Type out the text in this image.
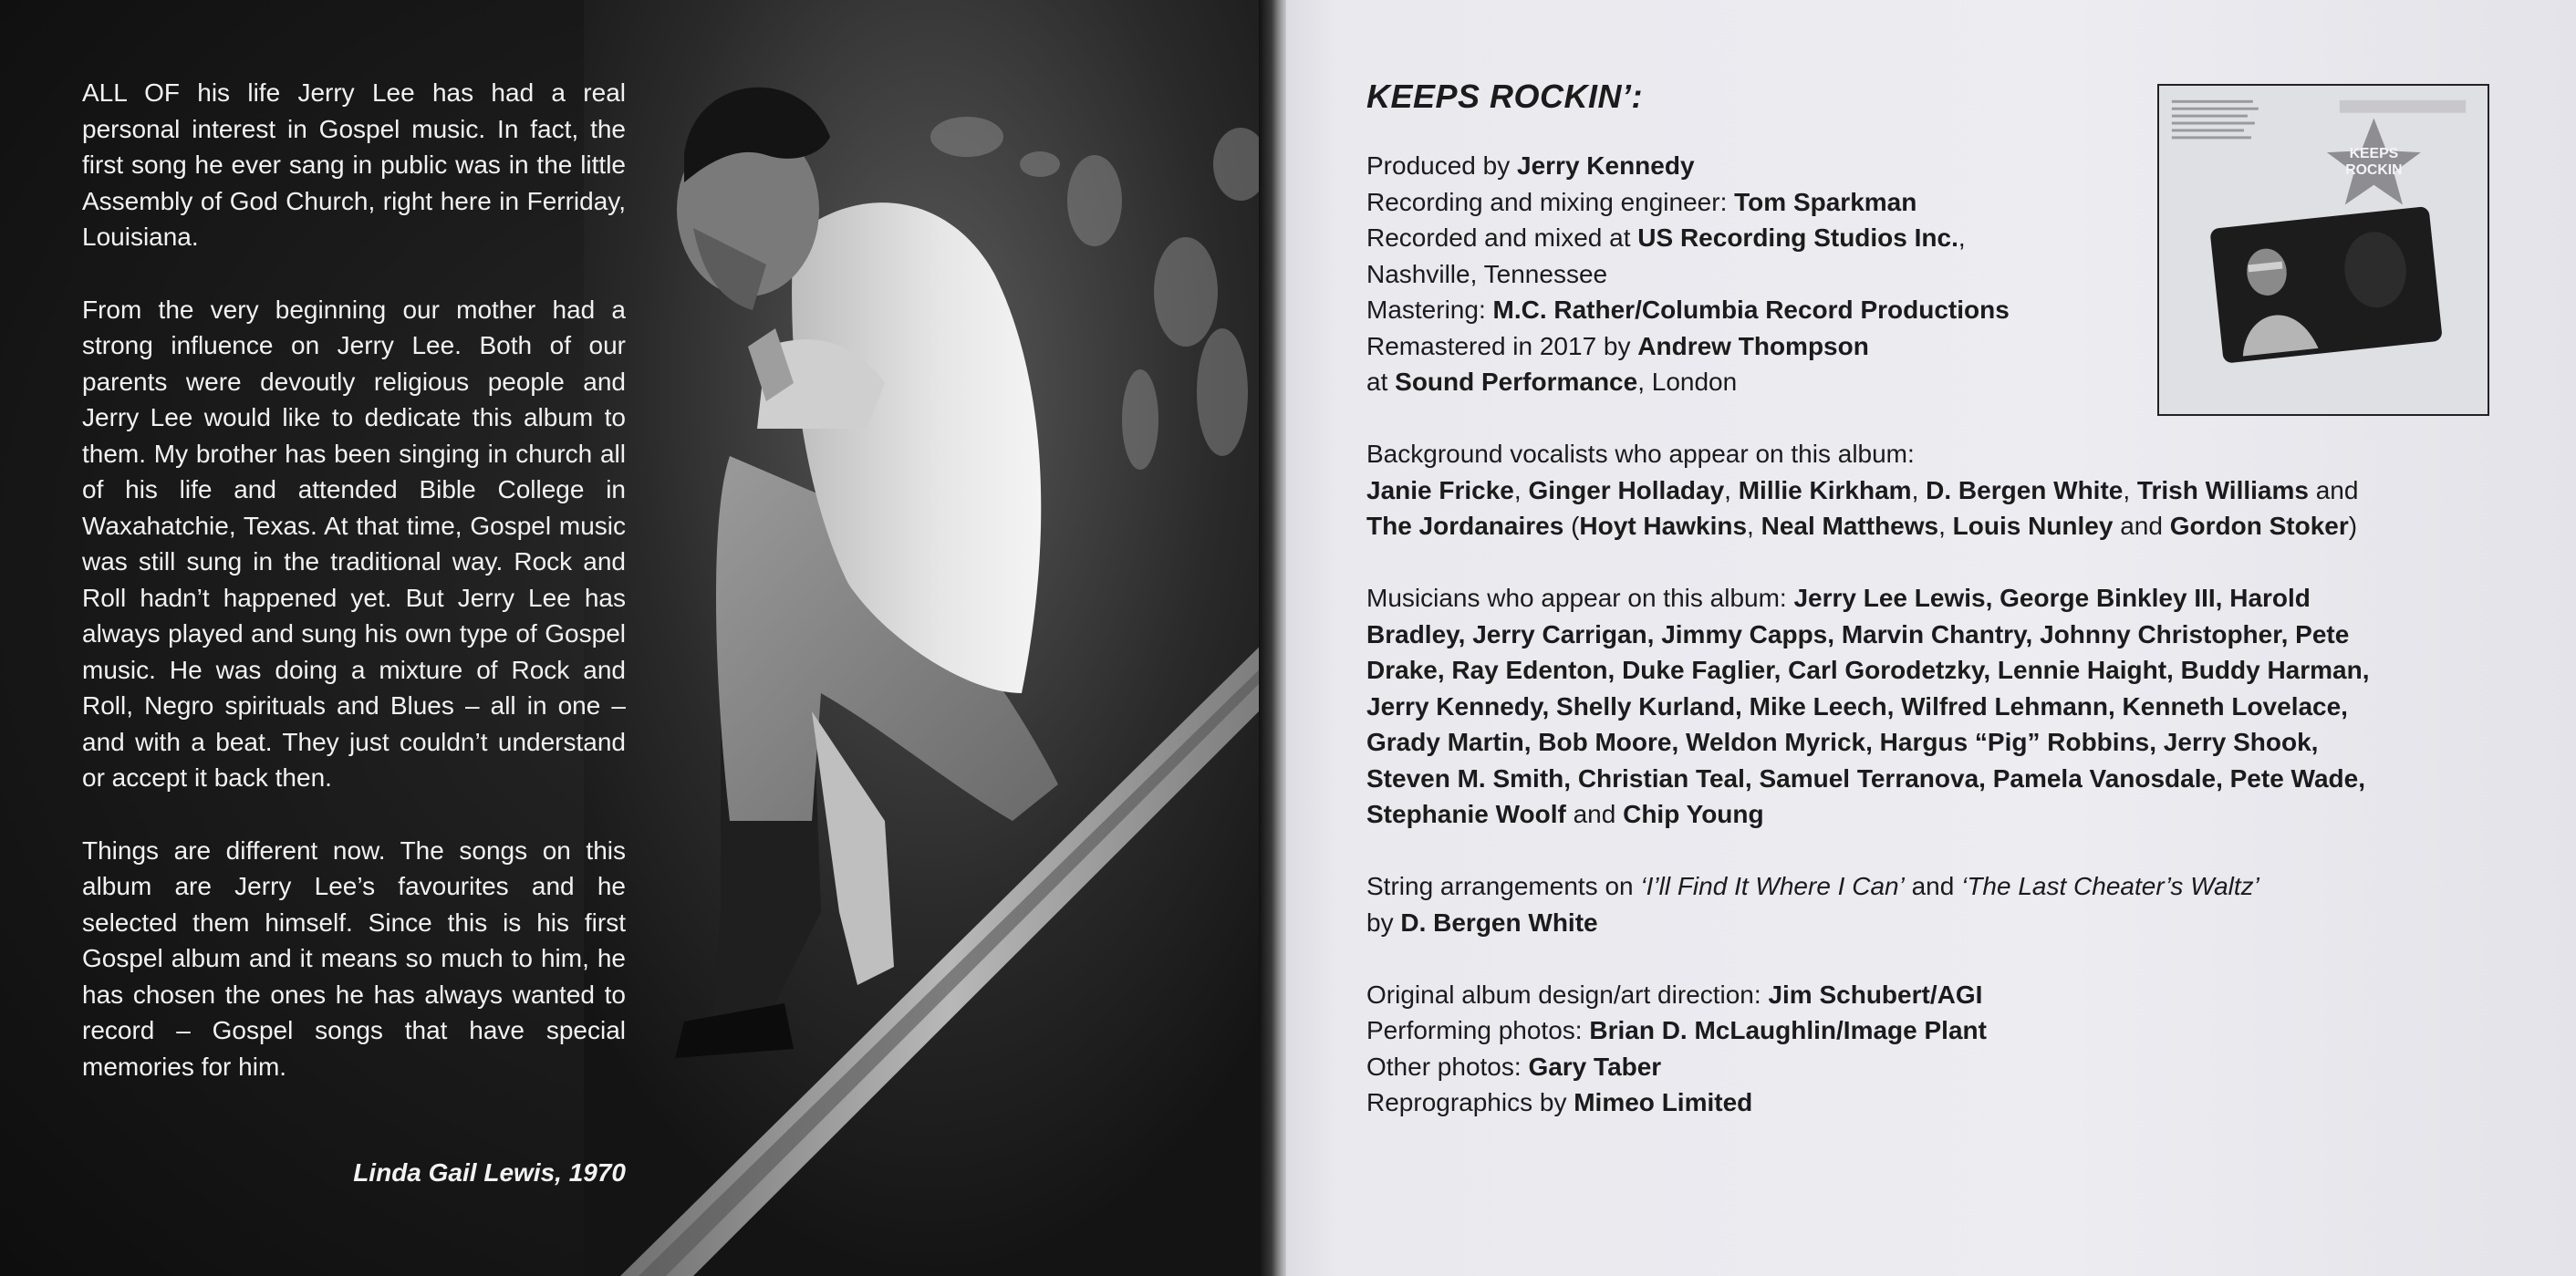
ALL OF his life Jerry Lee has had a real personal interest in Gospel music. In fact, the first song he ever sang in public was in the little Assembly of God Church, right here in Ferriday, Louisiana.

From the very beginning our mother had a strong influence on Jerry Lee. Both of our parents were devoutly religious people and Jerry Lee would like to dedicate this album to them. My brother has been singing in church all of his life and attended Bible College in Waxahatchie, Texas. At that time, Gospel music was still sung in the traditional way. Rock and Roll hadn’t happened yet. But Jerry Lee has always played and sung his own type of Gospel music. He was doing a mixture of Rock and Roll, Negro spirituals and Blues – all in one – and with a beat. They just couldn’t understand or accept it back then.

Things are different now. The songs on this album are Jerry Lee’s favourites and he selected them himself. Since this is his first Gospel album and it means so much to him, he has chosen the ones he has always wanted to record – Gospel songs that have special memories for him.

Linda Gail Lewis, 1970
KEEPS ROCKIN’:
Produced by Jerry Kennedy
Recording and mixing engineer: Tom Sparkman
Recorded and mixed at US Recording Studios Inc.,
Nashville, Tennessee
Mastering: M.C. Rather/Columbia Record Productions
Remastered in 2017 by Andrew Thompson
at Sound Performance, London
Background vocalists who appear on this album:
Janie Fricke, Ginger Holladay, Millie Kirkham, D. Bergen White, Trish Williams and
The Jordanaires (Hoyt Hawkins, Neal Matthews, Louis Nunley and Gordon Stoker)
Musicians who appear on this album: Jerry Lee Lewis, George Binkley III, Harold
Bradley, Jerry Carrigan, Jimmy Capps, Marvin Chantry, Johnny Christopher, Pete
Drake, Ray Edenton, Duke Faglier, Carl Gorodetzky, Lennie Haight, Buddy Harman,
Jerry Kennedy, Shelly Kurland, Mike Leech, Wilfred Lehmann, Kenneth Lovelace,
Grady Martin, Bob Moore, Weldon Myrick, Hargus “Pig” Robbins, Jerry Shook,
Steven M. Smith, Christian Teal, Samuel Terranova, Pamela Vanosdale, Pete Wade,
Stephanie Woolf and Chip Young
String arrangements on ‘I’ll Find It Where I Can’ and ‘The Last Cheater’s Waltz’
by D. Bergen White
Original album design/art direction: Jim Schubert/AGI
Performing photos: Brian D. McLaughlin/Image Plant
Other photos: Gary Taber
Reprographics by Mimeo Limited
KEEPS
ROCKIN
